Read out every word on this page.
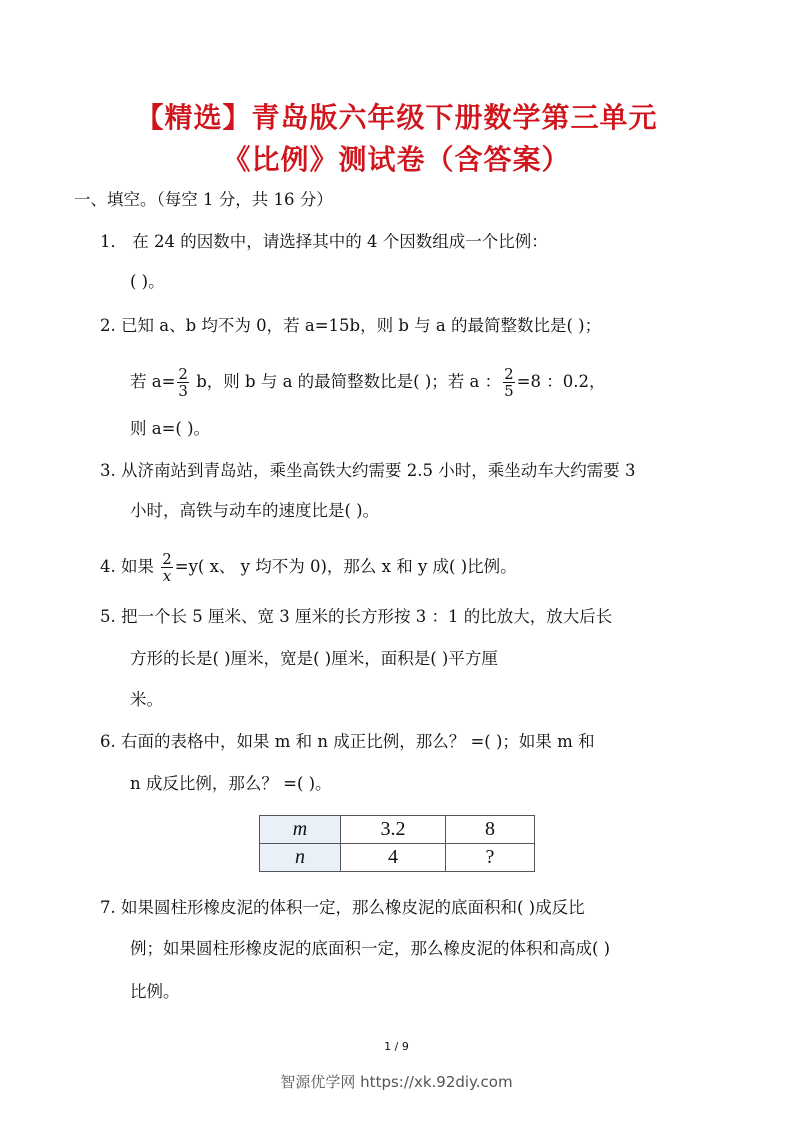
【精选】青岛版六年级下册数学第三单元
《比例》测试卷（含答案）
一、填空。（每空 1 分，共 16 分）
1． 在 24 的因数中，请选择其中的 4 个因数组成一个比例：
( )。
2. 已知 a、b 均不为 0，若 a=15b，则 b 与 a 的最简整数比是( )；
若 $a= \frac{2}{3}$ b，则 b 与 a 的最简整数比是( )；若 a ： $\frac{2}{5} =8$ ：0.2，
则 a=( )。
3. 从济南站到青岛站，乘坐高铁大约需要 2.5 小时，乘坐动车大约需要 3
小时，高铁与动车的速度比是( )。
4. 如果 $\frac{2}{x} =y$( x、 y 均不为 0)，那么 x 和 y 成( )比例。
5. 把一个长 5 厘米、宽 3 厘米的长方形按 3 ：1 的比放大，放大后长
方形的长是( )厘米，宽是( )厘米，面积是( )平方厘
米。
6. 右面的表格中，如果 m 和 n 成正比例，那么？ =( )；如果 m 和
n 成反比例，那么？ =( )。
m	3.2	8
n	4	?
7. 如果圆柱形橡皮泥的体积一定，那么橡皮泥的底面积和( )成反比
例；如果圆柱形橡皮泥的底面积一定，那么橡皮泥的体积和高成( )
比例。
1 / 9
智源优学网 https://xk.92diy.com
